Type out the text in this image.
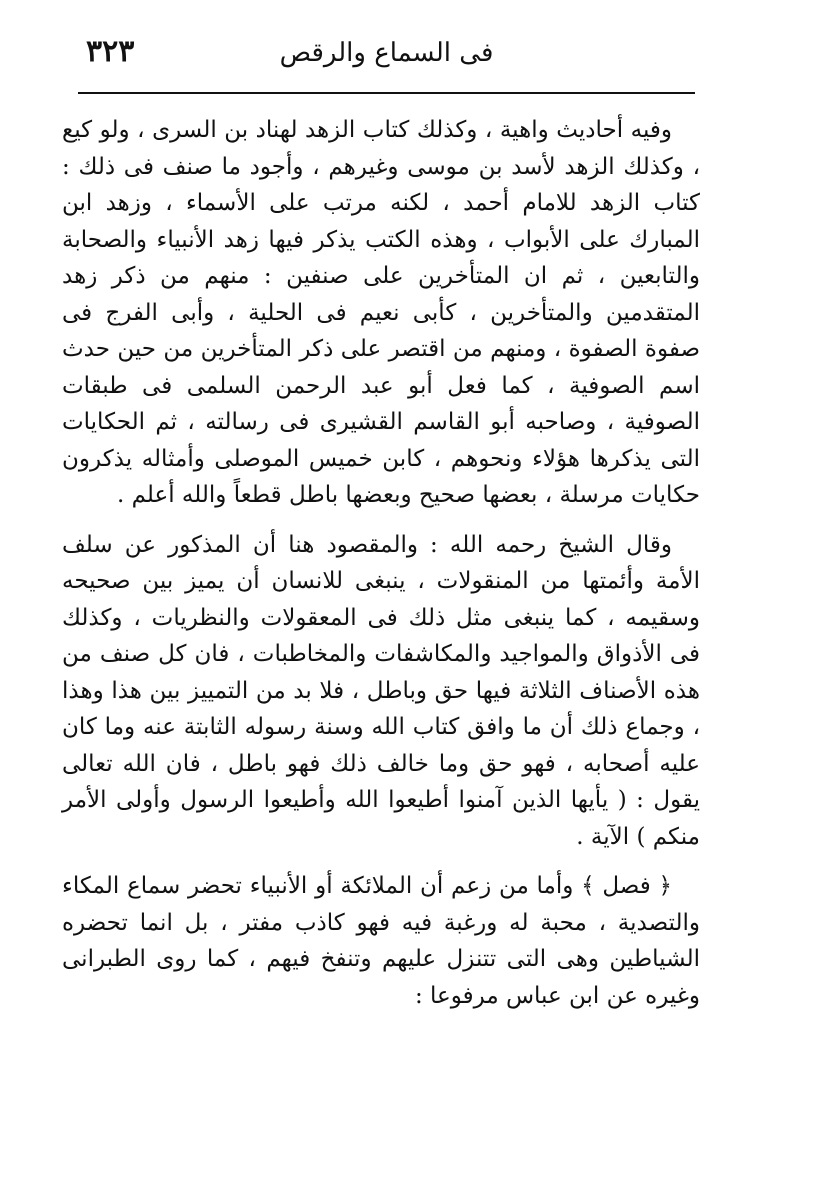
٣٢٣	فى السماع والرقص

وفيه أحاديث واهية ، وكذلك كتاب الزهد لهناد بن السرى ، ولو كيع ، وكذلك الزهد لأسد بن موسى وغيرهم ، وأجود ما صنف فى ذلك : كتاب الزهد للامام أحمد ، لكنه مرتب على الأسماء ، وزهد ابن المبارك على الأبواب ، وهذه الكتب يذكر فيها زهد الأنبياء والصحابة والتابعين ، ثم ان المتأخرين على صنفين : منهم من ذكر زهد المتقدمين والمتأخرين ، كأبى نعيم فى الحلية ، وأبى الفرج فى صفوة الصفوة ، ومنهم من اقتصر على ذكر المتأخرين من حين حدث اسم الصوفية ، كما فعل أبو عبد الرحمن السلمى فى طبقات الصوفية ، وصاحبه أبو القاسم القشيرى فى رسالته ، ثم الحكايات التى يذكرها هؤلاء ونحوهم ، كابن خميس الموصلى وأمثاله يذكرون حكايات مرسلة ، بعضها صحيح وبعضها باطل قطعاً والله أعلم .

وقال الشيخ رحمه الله : والمقصود هنا أن المذكور عن سلف الأمة وأئمتها من المنقولات ، ينبغى للانسان أن يميز بين صحيحه وسقيمه ، كما ينبغى مثل ذلك فى المعقولات والنظريات ، وكذلك فى الأذواق والمواجيد والمكاشفات والمخاطبات ، فان كل صنف من هذه الأصناف الثلاثة فيها حق وباطل ، فلا بد من التمييز بين هذا وهذا ، وجماع ذلك أن ما وافق كتاب الله وسنة رسوله الثابتة عنه وما كان عليه أصحابه ، فهو حق وما خالف ذلك فهو باطل ، فان الله تعالى يقول : ( يأيها الذين آمنوا أطيعوا الله وأطيعوا الرسول وأولى الأمر منكم ) الآية .

﴿ فصل ﴾ وأما من زعم أن الملائكة أو الأنبياء تحضر سماع المكاء والتصدية ، محبة له ورغبة فيه فهو كاذب مفتر ، بل انما تحضره الشياطين وهى التى تتنزل عليهم وتنفخ فيهم ، كما روى الطبرانى وغيره عن ابن عباس مرفوعا :
